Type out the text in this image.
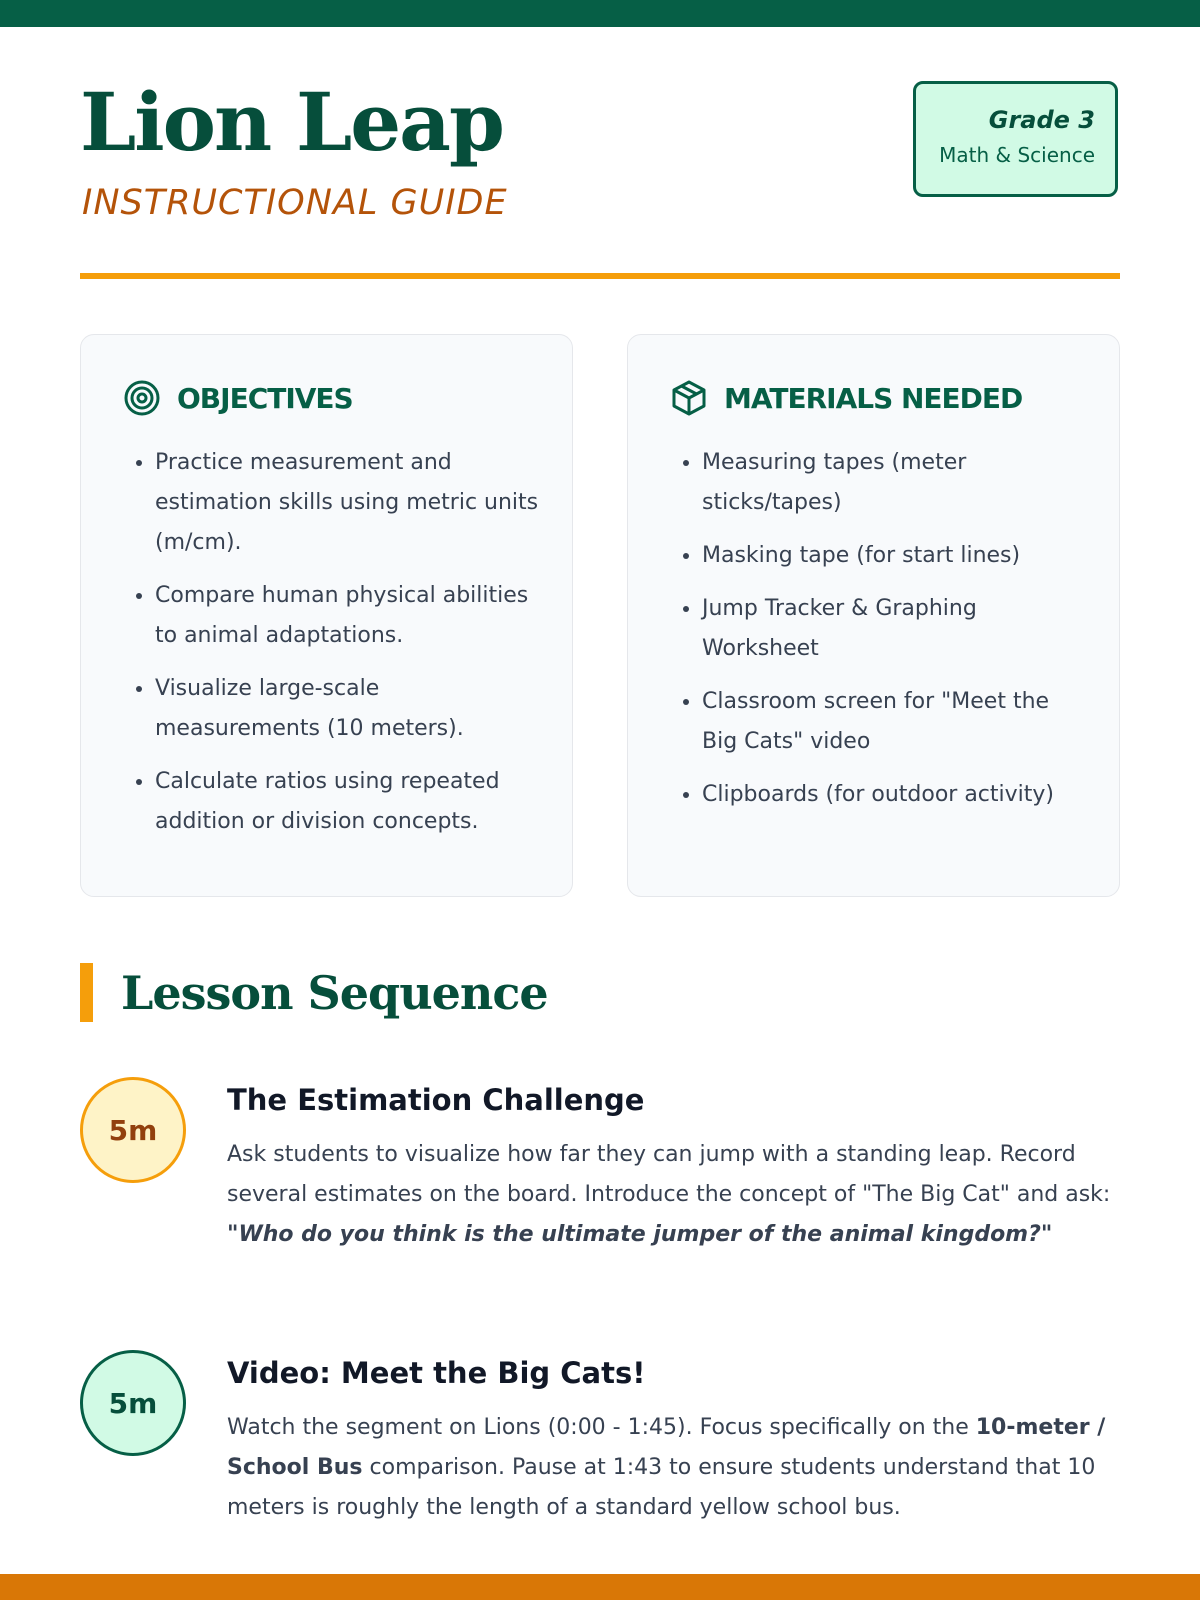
Lion Leap
INSTRUCTIONAL GUIDE
Grade 3
Math & Science
OBJECTIVES
• Practice measurement and estimation skills using metric units (m/cm).
• Compare human physical abilities to animal adaptations.
• Visualize large-scale measurements (10 meters).
• Calculate ratios using repeated addition or division concepts.
MATERIALS NEEDED
• Measuring tapes (meter sticks/tapes)
• Masking tape (for start lines)
• Jump Tracker & Graphing Worksheet
• Classroom screen for "Meet the Big Cats" video
• Clipboards (for outdoor activity)
Lesson Sequence
5m
The Estimation Challenge

Ask students to visualize how far they can jump with a standing leap. Record several estimates on the board. Introduce the concept of "The Big Cat" and ask: "Who do you think is the ultimate jumper of the animal kingdom?"

5m
Video: Meet the Big Cats!

Watch the segment on Lions (0:00 - 1:45). Focus specifically on the 10-meter / School Bus comparison. Pause at 1:43 to ensure students understand that 10 meters is roughly the length of a standard yellow school bus.
